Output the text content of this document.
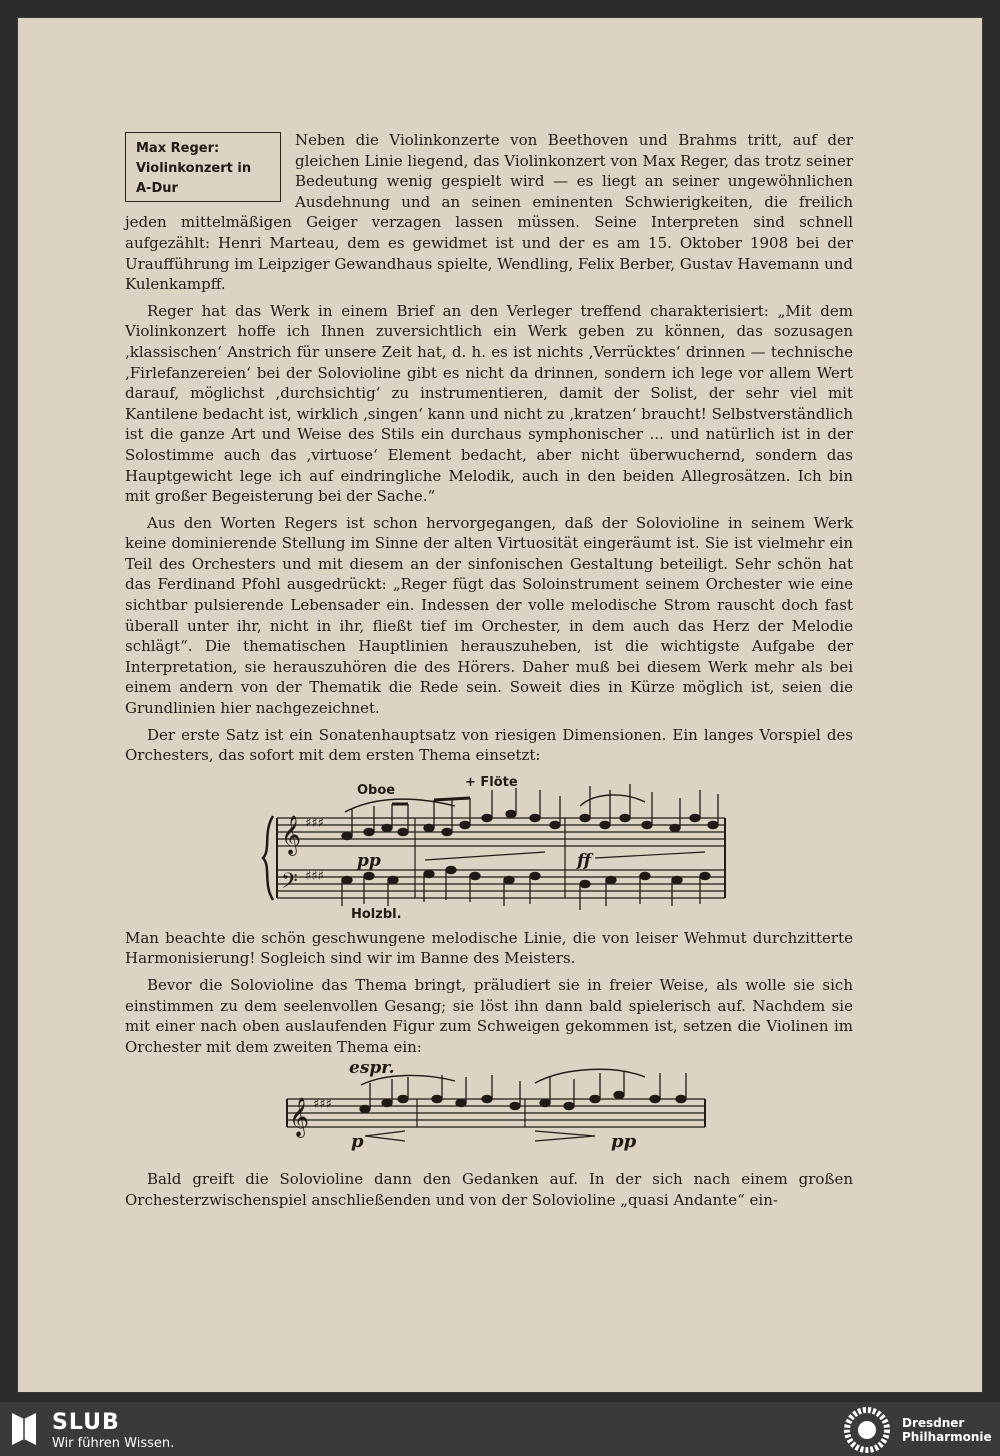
Max Reger:
Violinkonzert in
A-Dur

Neben die Violinkonzerte von Beethoven und Brahms tritt, auf der gleichen Linie liegend, das Violinkonzert von Max Reger, das trotz seiner Bedeutung wenig gespielt wird — es liegt an seiner ungewöhnlichen Ausdehnung und an seinen eminenten Schwierigkeiten, die freilich jeden mittelmäßigen Geiger verzagen lassen müssen. Seine Interpreten sind schnell aufgezählt: Henri Marteau, dem es gewidmet ist und der es am 15. Oktober 1908 bei der Uraufführung im Leipziger Gewandhaus spielte, Wendling, Felix Berber, Gustav Havemann und Kulenkampff.

Reger hat das Werk in einem Brief an den Verleger treffend charakterisiert: „Mit dem Violinkonzert hoffe ich Ihnen zuversichtlich ein Werk geben zu können, das sozusagen ‚klassischen‘ Anstrich für unsere Zeit hat, d. h. es ist nichts ‚Verrücktes‘ drinnen — technische ‚Firlefanzereien‘ bei der Solovioline gibt es nicht da drinnen, sondern ich lege vor allem Wert darauf, möglichst ‚durchsichtig‘ zu instrumentieren, damit der Solist, der sehr viel mit Kantilene bedacht ist, wirklich ‚singen‘ kann und nicht zu ‚kratzen‘ braucht! Selbstverständlich ist die ganze Art und Weise des Stils ein durchaus symphonischer ... und natürlich ist in der Solostimme auch das ‚virtuose‘ Element bedacht, aber nicht überwuchernd, sondern das Hauptgewicht lege ich auf eindringliche Melodik, auch in den beiden Allegrosätzen. Ich bin mit großer Begeisterung bei der Sache.“

Aus den Worten Regers ist schon hervorgegangen, daß der Solovioline in seinem Werk keine dominierende Stellung im Sinne der alten Virtuosität eingeräumt ist. Sie ist vielmehr ein Teil des Orchesters und mit diesem an der sinfonischen Gestaltung beteiligt. Sehr schön hat das Ferdinand Pfohl ausgedrückt: „Reger fügt das Soloinstrument seinem Orchester wie eine sichtbar pulsierende Lebensader ein. Indessen der volle melodische Strom rauscht doch fast überall unter ihr, nicht in ihr, fließt tief im Orchester, in dem auch das Herz der Melodie schlägt“. Die thematischen Hauptlinien herauszuheben, ist die wichtigste Aufgabe der Interpretation, sie herauszuhören die des Hörers. Daher muß bei diesem Werk mehr als bei einem andern von der Thematik die Rede sein. Soweit dies in Kürze möglich ist, seien die Grundlinien hier nachgezeichnet.

Der erste Satz ist ein Sonatenhauptsatz von riesigen Dimensionen. Ein langes Vorspiel des Orchesters, das sofort mit dem ersten Thema einsetzt:

𝄞
𝄢
♯♯♯
♯♯♯
Oboe
+ Flöte
pp	ff
Holzbl.

Man beachte die schön geschwungene melodische Linie, die von leiser Wehmut durchzitterte Harmonisierung! Sogleich sind wir im Banne des Meisters.

Bevor die Solovioline das Thema bringt, präludiert sie in freier Weise, als wolle sie sich einstimmen zu dem seelenvollen Gesang; sie löst ihn dann bald spielerisch auf. Nachdem sie mit einer nach oben auslaufenden Figur zum Schweigen gekommen ist, setzen die Violinen im Orchester mit dem zweiten Thema ein:

𝄞 ♯♯♯
espr.
p	pp

Bald greift die Solovioline dann den Gedanken auf. In der sich nach einem großen Orchesterzwischenspiel anschließenden und von der Solovioline „quasi Andante“ ein-

SLUB
Wir führen Wissen.
Dresdner
Philharmonie
